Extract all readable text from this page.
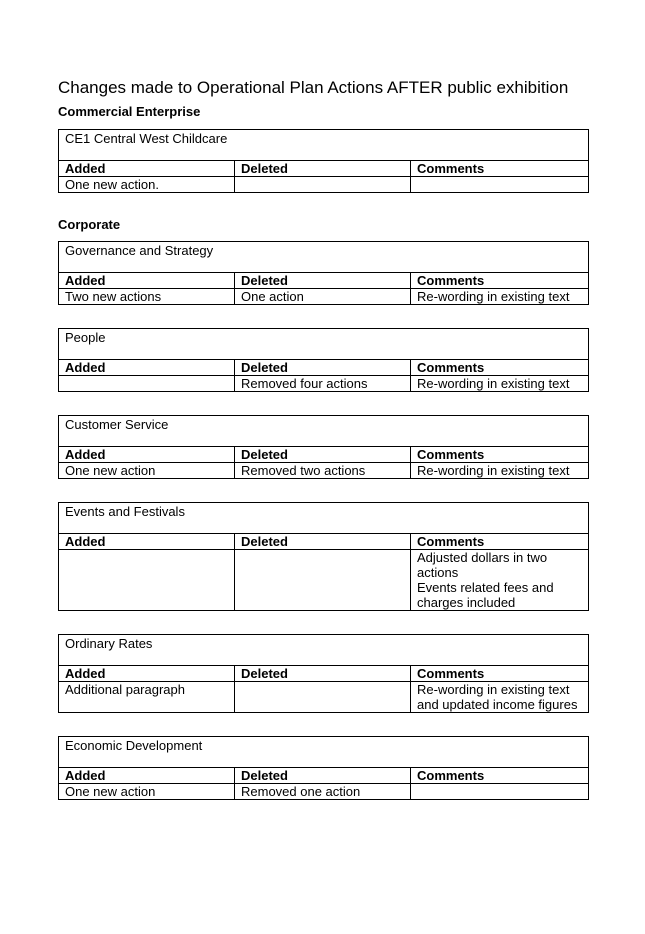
Changes made to Operational Plan Actions AFTER public exhibition
Commercial Enterprise
CE1 Central West Childcare		
Added	Deleted	Comments
One new action.		
Corporate
Governance and Strategy		
Added	Deleted	Comments
Two new actions	One action	Re-wording in existing text
People		
Added	Deleted	Comments
	Removed four actions	Re-wording in existing text
Customer Service		
Added	Deleted	Comments
One new action	Removed two actions	Re-wording in existing text
Events and Festivals		
Added	Deleted	Comments

		Adjusted dollars in two
actions
Events related fees and
charges included
Ordinary Rates		
Added	Deleted	Comments
Additional paragraph		Re-wording in existing text
and updated income figures
Economic Development		
Added	Deleted	Comments
One new action	Removed one action	
